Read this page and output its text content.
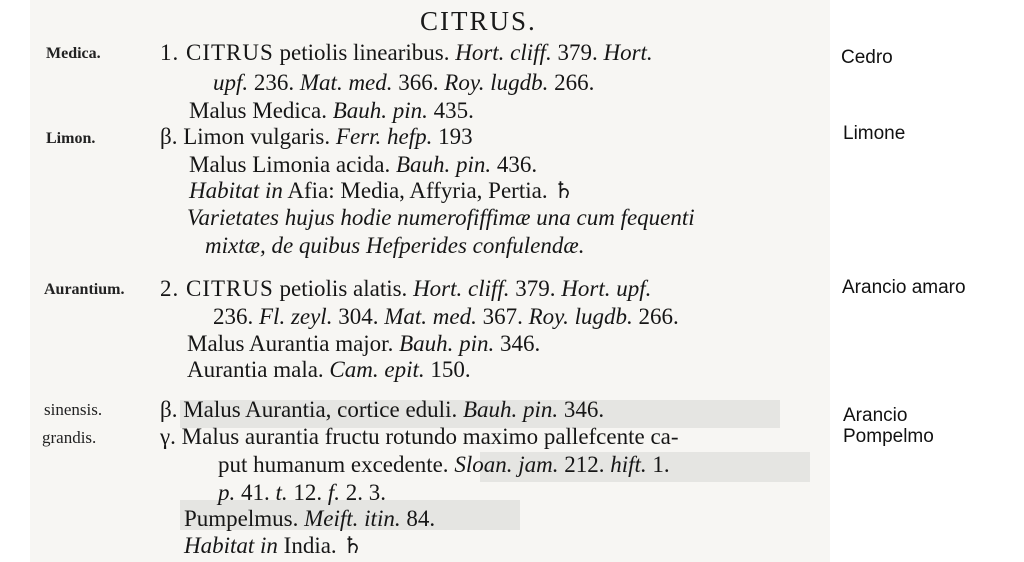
CITRUS.
Medica.
Limon.
Aurantium.
sinensis.
grandis.
Cedro
Limone
Arancio amaro
Arancio
Pompelmo
1. CITRUS petiolis linearibus. Hort. cliff. 379. Hort.
upf. 236. Mat. med. 366. Roy. lugdb. 266.
Malus Medica. Bauh. pin. 435.
β. Limon vulgaris. Ferr. hefp. 193
Malus Limonia acida. Bauh. pin. 436.
Habitat in Afia: Media, Affyria, Pertia. ♄
Varietates hujus hodie numerofiffimæ una cum fequenti
mixtæ, de quibus Hefperides confulendæ.
2. CITRUS petiolis alatis. Hort. cliff. 379. Hort. upf.
236. Fl. zeyl. 304. Mat. med. 367. Roy. lugdb. 266.
Malus Aurantia major. Bauh. pin. 346.
Aurantia mala. Cam. epit. 150.
β. Malus Aurantia, cortice eduli. Bauh. pin. 346.
γ. Malus aurantia fructu rotundo maximo pallefcente ca-
put humanum excedente. Sloan. jam. 212. hift. 1.
p. 41. t. 12. f. 2. 3.
Pumpelmus. Meift. itin. 84.
Habitat in India. ♄
